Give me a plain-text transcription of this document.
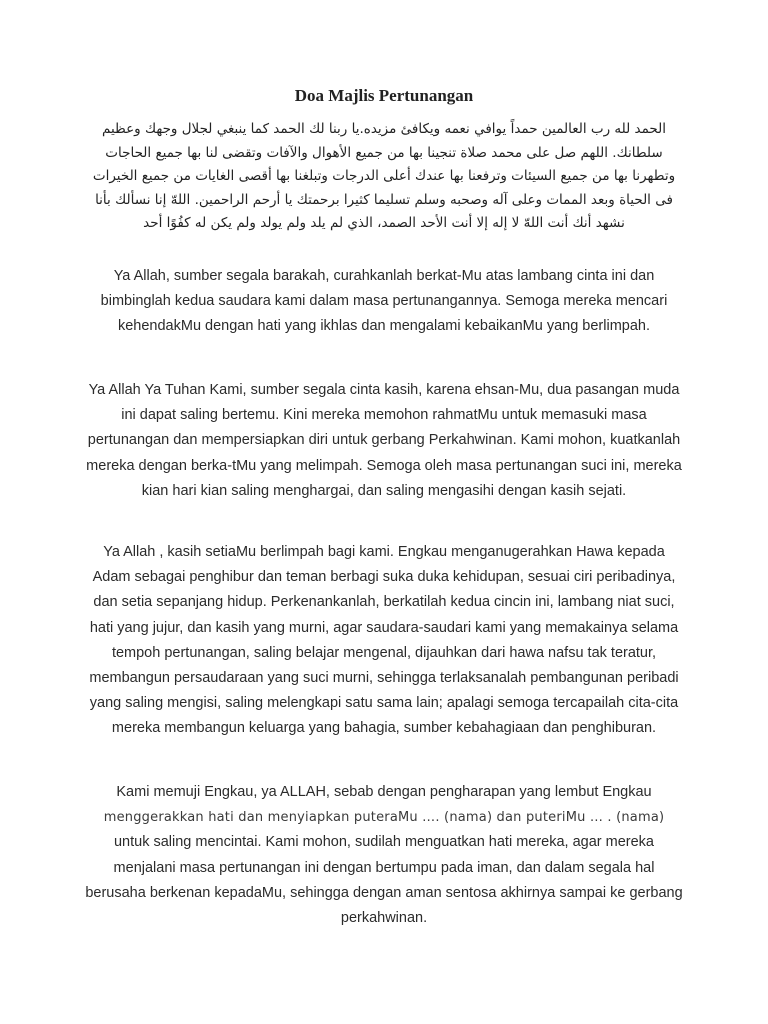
Doa Majlis Pertunangan

الحمد لله رب العالمين حمداً يوافي نعمه ويكافئ مزيده.يا ربنا لك الحمد كما ينبغي لجلال وجهك وعظيم سلطانك. اللهم صل على محمد صلاة تنجينا بها من جميع الأهوال والآفات وتقضى لنا بها جميع الحاجات وتطهرنا بها من جميع السيئات وترفعنا بها عندك أعلى الدرجات وتبلغنا بها أقصى الغايات من جميع الخيرات فى الحياة وبعد الممات وعلى آله وصحبه وسلم تسليما كثيرا برحمتك يا أرحم الراحمين. اللهّ إنا نسألك بأنا نشهد أنك أنت اللهّ لا إله إلا أنت الأحد الصمد، الذي لم يلد ولم يولد ولم يكن له كفُوًا أحد

Ya Allah, sumber segala barakah, curahkanlah berkat-Mu atas lambang cinta ini dan bimbinglah kedua saudara kami dalam masa pertunangannya. Semoga mereka mencari kehendakMu dengan hati yang ikhlas dan mengalami kebaikanMu yang berlimpah.

Ya Allah Ya Tuhan Kami, sumber segala cinta kasih, karena ehsan-Mu, dua pasangan muda ini dapat saling bertemu. Kini mereka memohon rahmatMu untuk memasuki masa pertunangan dan mempersiapkan diri untuk gerbang Perkahwinan. Kami mohon, kuatkanlah mereka dengan berka-tMu yang melimpah. Semoga oleh masa pertunangan suci ini, mereka kian hari kian saling menghargai, dan saling mengasihi dengan kasih sejati.

Ya Allah , kasih setiaMu berlimpah bagi kami. Engkau menganugerahkan Hawa kepada Adam sebagai penghibur dan teman berbagi suka duka kehidupan, sesuai ciri peribadinya, dan setia sepanjang hidup. Perkenankanlah, berkatilah kedua cincin ini, lambang niat suci, hati yang jujur, dan kasih yang murni, agar saudara-saudari kami yang memakainya selama tempoh pertunangan, saling belajar mengenal, dijauhkan dari hawa nafsu tak teratur, membangun persaudaraan yang suci murni, sehingga terlaksanalah pembangunan peribadi yang saling mengisi, saling melengkapi satu sama lain; apalagi semoga tercapailah cita-cita mereka membangun keluarga yang bahagia, sumber kebahagiaan dan penghiburan.

Kami memuji Engkau, ya ALLAH, sebab dengan pengharapan yang lembut Engkau
menggerakkan hati dan menyiapkan puteraMu …. (nama) dan puteriMu … . (nama)
untuk saling mencintai. Kami mohon, sudilah menguatkan hati mereka, agar mereka menjalani masa pertunangan ini dengan bertumpu pada iman, dan dalam segala hal berusaha berkenan kepadaMu, sehingga dengan aman sentosa akhirnya sampai ke gerbang perkahwinan.
